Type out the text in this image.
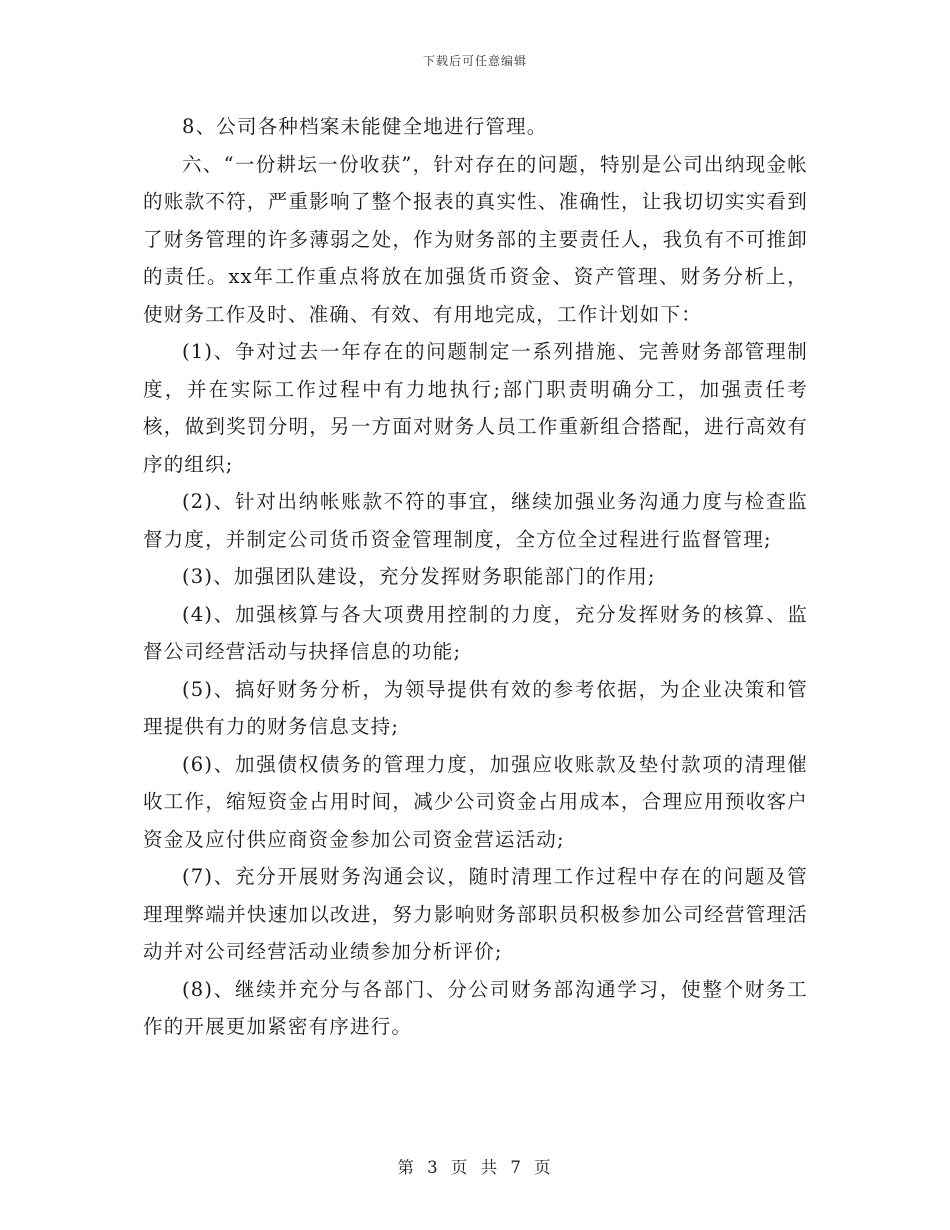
下载后可任意编辑

8、公司各种档案未能健全地进行管理。

六、“一份耕坛一份收获”，针对存在的问题，特别是公司出纳现金帐的账款不符，严重影响了整个报表的真实性、准确性，让我切切实实看到了财务管理的许多薄弱之处，作为财务部的主要责任人，我负有不可推卸的责任。xx年工作重点将放在加强货币资金、资产管理、财务分析上，使财务工作及时、准确、有效、有用地完成，工作计划如下：

(1)、争对过去一年存在的问题制定一系列措施、完善财务部管理制度，并在实际工作过程中有力地执行;部门职责明确分工，加强责任考核，做到奖罚分明，另一方面对财务人员工作重新组合搭配，进行高效有序的组织;

(2)、针对出纳帐账款不符的事宜，继续加强业务沟通力度与检查监督力度，并制定公司货币资金管理制度，全方位全过程进行监督管理;

(3)、加强团队建设，充分发挥财务职能部门的作用;

(4)、加强核算与各大项费用控制的力度，充分发挥财务的核算、监督公司经营活动与抉择信息的功能;

(5)、搞好财务分析，为领导提供有效的参考依据，为企业决策和管理提供有力的财务信息支持;

(6)、加强债权债务的管理力度，加强应收账款及垫付款项的清理催收工作，缩短资金占用时间，减少公司资金占用成本，合理应用预收客户资金及应付供应商资金参加公司资金营运活动;

(7)、充分开展财务沟通会议，随时清理工作过程中存在的问题及管理理弊端并快速加以改进，努力影响财务部职员积极参加公司经营管理活动并对公司经营活动业绩参加分析评价;

(8)、继续并充分与各部门、分公司财务部沟通学习，使整个财务工作的开展更加紧密有序进行。

第 3 页 共 7 页
